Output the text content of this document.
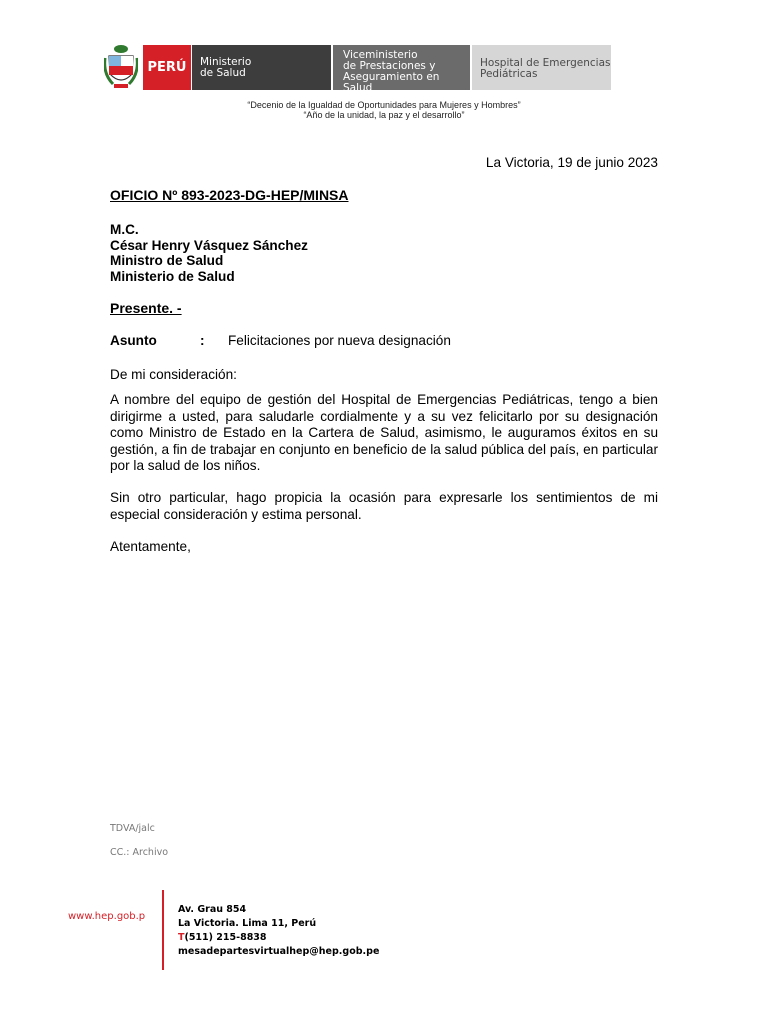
PERÚ	Ministerio
de Salud
Viceministerio
de Prestaciones y
Aseguramiento en Salud
Hospital de Emergencias
Pediátricas
“Decenio de la Igualdad de Oportunidades para Mujeres y Hombres”
“Año de la unidad, la paz y el desarrollo”
La Victoria, 19 de junio 2023
OFICIO Nº 893-2023-DG-HEP/MINSA
M.C.
César Henry Vásquez Sánchez
Ministro de Salud
Ministerio de Salud
Presente. -
Asunto	: Felicitaciones por nueva designación
De mi consideración:
A nombre del equipo de gestión del Hospital de Emergencias Pediátricas, tengo a bien dirigirme a usted, para saludarle cordialmente y a su vez felicitarlo por su designación como Ministro de Estado en la Cartera de Salud, asimismo, le auguramos éxitos en su gestión, a fin de trabajar en conjunto en beneficio de la salud pública del país, en particular por la salud de los niños.
Sin otro particular, hago propicia la ocasión para expresarle los sentimientos de mi especial consideración y estima personal.
Atentamente,
TDVA/jalc
CC.: Archivo
www.hep.gob.p
Av. Grau 854
La Victoria. Lima 11, Perú
T(511) 215-8838
mesadepartesvirtualhep@hep.gob.pe
